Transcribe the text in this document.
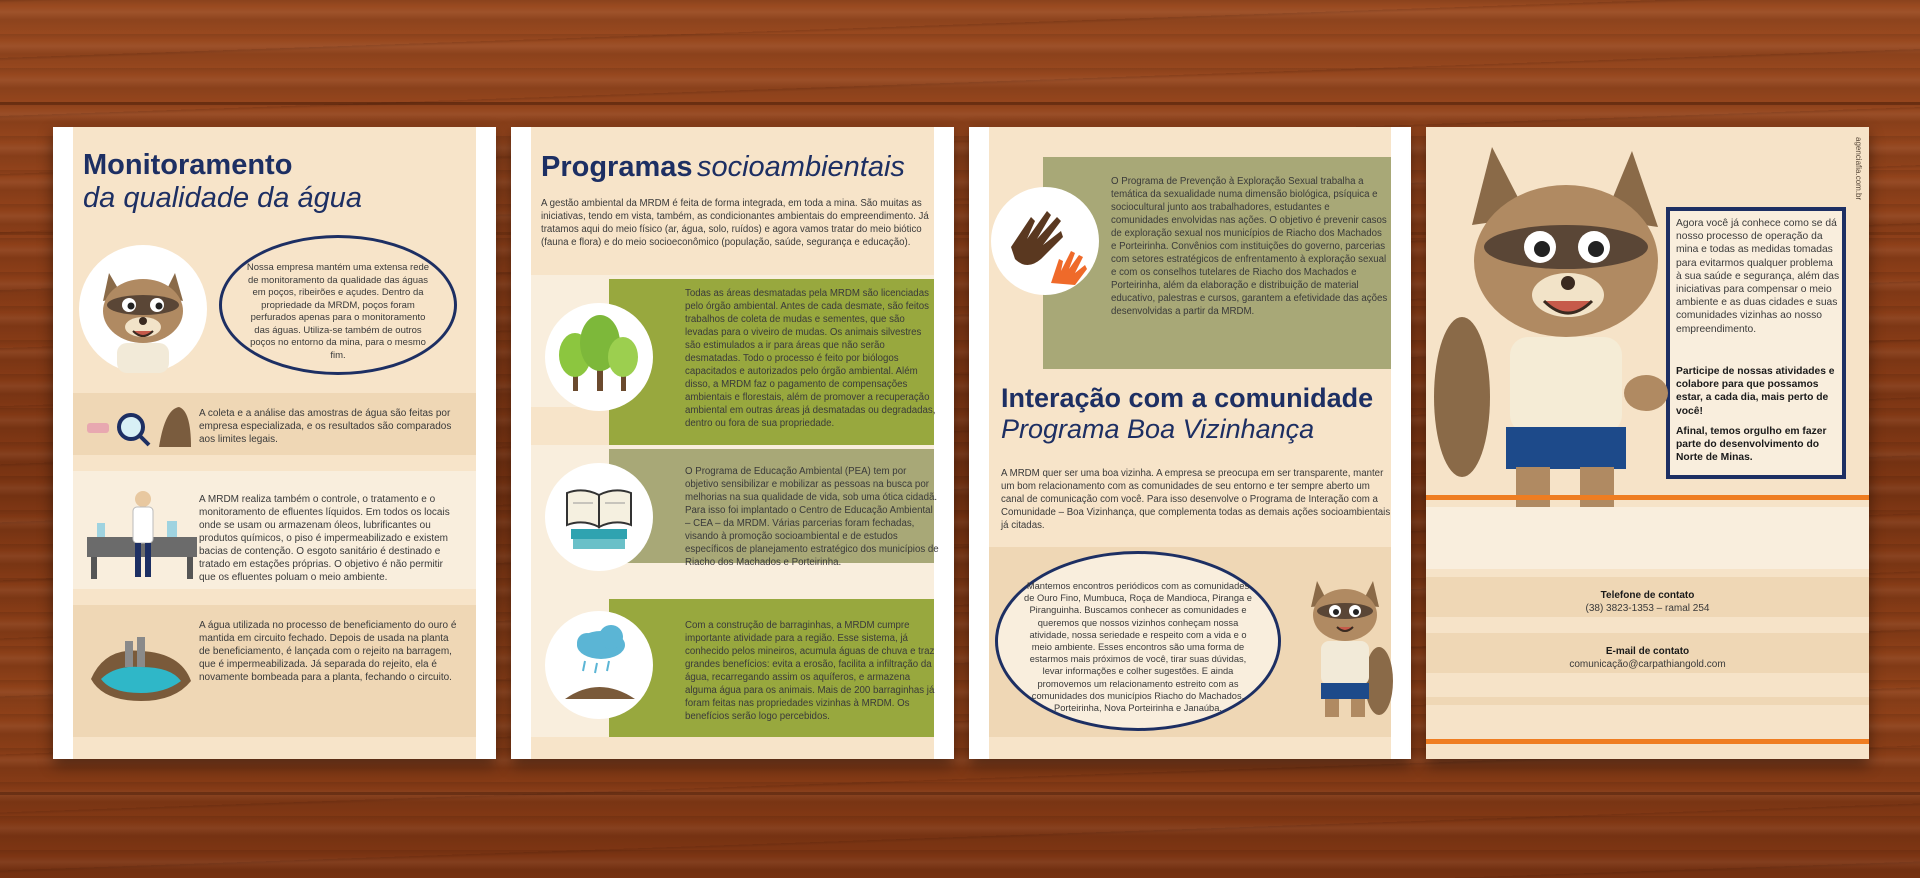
Monitoramento
da qualidade da água
Nossa empresa mantém uma extensa rede de monitoramento da qualidade das águas em poços, ribeirões e açudes. Dentro da propriedade da MRDM, poços foram perfurados apenas para o monitoramento das águas. Utiliza-se também de outros poços no entorno da mina, para o mesmo fim.
A coleta e a análise das amostras de água são feitas por empresa especializada, e os resultados são comparados aos limites legais.
A MRDM realiza também o controle, o tratamento e o monitoramento de efluentes líquidos. Em todos os locais onde se usam ou armazenam óleos, lubrificantes ou produtos químicos, o piso é impermeabilizado e existem bacias de contenção. O esgoto sanitário é destinado e tratado em estações próprias. O objetivo é não permitir que os efluentes poluam o meio ambiente.
A água utilizada no processo de beneficiamento do ouro é mantida em circuito fechado. Depois de usada na planta de beneficiamento, é lançada com o rejeito na barragem, que é impermeabilizada. Já separada do rejeito, ela é novamente bombeada para a planta, fechando o circuito.
Programas socioambientais
A gestão ambiental da MRDM é feita de forma integrada, em toda a mina. São muitas as iniciativas, tendo em vista, também, as condicionantes ambientais do empreendimento. Já tratamos aqui do meio físico (ar, água, solo, ruídos) e agora vamos tratar do meio biótico (fauna e flora) e do meio socioeconômico (população, saúde, segurança e educação).
Todas as áreas desmatadas pela MRDM são licenciadas pelo órgão ambiental. Antes de cada desmate, são feitos trabalhos de coleta de mudas e sementes, que são levadas para o viveiro de mudas. Os animais silvestres são estimulados a ir para áreas que não serão desmatadas. Todo o processo é feito por biólogos capacitados e autorizados pelo órgão ambiental. Além disso, a MRDM faz o pagamento de compensações ambientais e florestais, além de promover a recuperação ambiental em outras áreas já desmatadas ou degradadas, dentro ou fora de sua propriedade.
O Programa de Educação Ambiental (PEA) tem por objetivo sensibilizar e mobilizar as pessoas na busca por melhorias na sua qualidade de vida, sob uma ótica cidadã. Para isso foi implantado o Centro de Educação Ambiental – CEA – da MRDM. Várias parcerias foram fechadas, visando à promoção socioambiental e de estudos específicos de planejamento estratégico dos municípios de Riacho dos Machados e Porteirinha.
Com a construção de barraginhas, a MRDM cumpre importante atividade para a região. Esse sistema, já conhecido pelos mineiros, acumula águas de chuva e traz grandes benefícios: evita a erosão, facilita a infiltração da água, recarregando assim os aquíferos, e armazena alguma água para os animais. Mais de 200 barraginhas já foram feitas nas propriedades vizinhas à MRDM. Os benefícios serão logo percebidos.
O Programa de Prevenção à Exploração Sexual trabalha a temática da sexualidade numa dimensão biológica, psíquica e sociocultural junto aos trabalhadores, estudantes e comunidades envolvidas nas ações. O objetivo é prevenir casos de exploração sexual nos municípios de Riacho dos Machados e Porteirinha. Convênios com instituições do governo, parcerias com setores estratégicos de enfrentamento à exploração sexual e com os conselhos tutelares de Riacho dos Machados e Porteirinha, além da elaboração e distribuição de material educativo, palestras e cursos, garantem a efetividade das ações desenvolvidas a partir da MRDM.
Interação com a comunidade
Programa Boa Vizinhança
A MRDM quer ser uma boa vizinha. A empresa se preocupa em ser transparente, manter um bom relacionamento com as comunidades de seu entorno e ter sempre aberto um canal de comunicação com você. Para isso desenvolve o Programa de Interação com a Comunidade – Boa Vizinhança, que complementa todas as demais ações socioambientais já citadas.
Mantemos encontros periódicos com as comunidades de Ouro Fino, Mumbuca, Roça de Mandioca, Piranga e Piranguinha. Buscamos conhecer as comunidades e queremos que nossos vizinhos conheçam nossa atividade, nossa seriedade e respeito com a vida e o meio ambiente. Esses encontros são uma forma de estarmos mais próximos de você, tirar suas dúvidas, levar informações e colher sugestões. E ainda promovemos um relacionamento estreito com as comunidades dos municípios Riacho do Machados, Porteirinha, Nova Porteirinha e Janaúba.
agenciafia.com.br
Agora você já conhece como se dá nosso processo de operação da mina e todas as medidas tomadas para evitarmos qualquer problema à sua saúde e segurança, além das iniciativas para compensar o meio ambiente e as duas cidades e suas comunidades vizinhas ao nosso empreendimento.
Participe de nossas atividades e colabore para que possamos estar, a cada dia, mais perto de você!
Afinal, temos orgulho em fazer parte do desenvolvimento do Norte de Minas.
Telefone de contato
(38) 3823-1353 – ramal 254
E-mail de contato
comunicação@carpathiangold.com
